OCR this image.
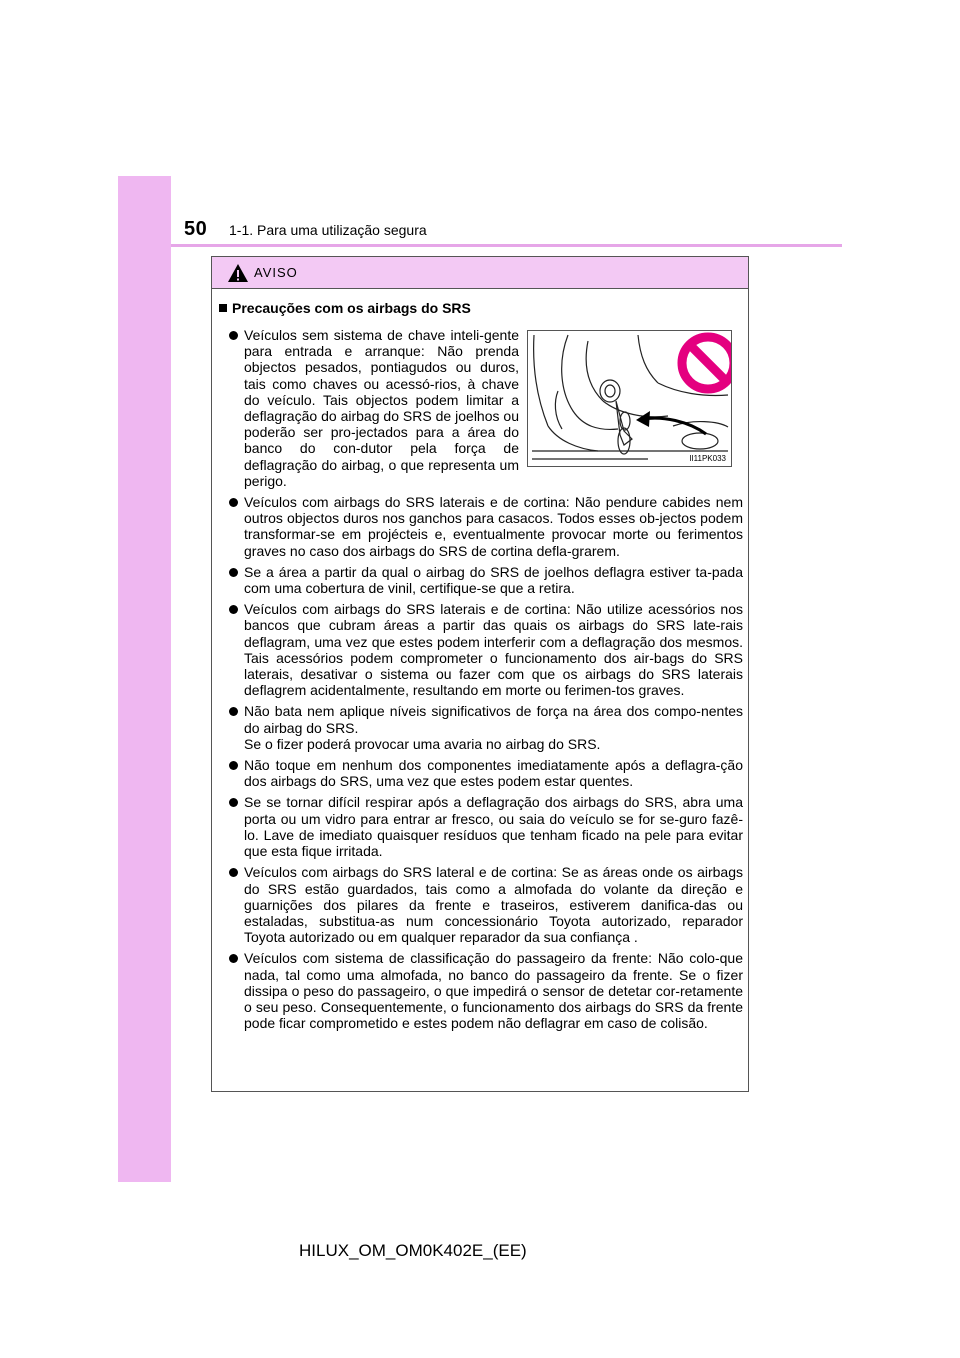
50 1-1. Para uma utilização segura
AVISO
Precauções com os airbags do SRS
II11PK033
Veículos sem sistema de chave inteli-gente para entrada e arranque: Não prenda objectos pesados, pontiagudos ou duros, tais como chaves ou acessó-rios, à chave do veículo. Tais objectos podem limitar a deflagração do airbag do SRS de joelhos ou poderão ser pro-jectados para a área do banco do con-dutor pela força de deflagração do airbag, o que representa um perigo.
Veículos com airbags do SRS laterais e de cortina: Não pendure cabides nem outros objectos duros nos ganchos para casacos. Todos esses ob-jectos podem transformar-se em projécteis e, eventualmente provocar morte ou ferimentos graves no caso dos airbags do SRS de cortina defla-grarem.
Se a área a partir da qual o airbag do SRS de joelhos deflagra estiver ta-pada com uma cobertura de vinil, certifique-se que a retira.
Veículos com airbags do SRS laterais e de cortina: Não utilize acessórios nos bancos que cubram áreas a partir das quais os airbags do SRS late-rais deflagram, uma vez que estes podem interferir com a deflagração dos mesmos. Tais acessórios podem comprometer o funcionamento dos air-bags do SRS laterais, desativar o sistema ou fazer com que os airbags do SRS laterais deflagrem acidentalmente, resultando em morte ou ferimen-tos graves.
Não bata nem aplique níveis significativos de força na área dos compo-nentes do airbag do SRS.
Se o fizer poderá provocar uma avaria no airbag do SRS.
Não toque em nenhum dos componentes imediatamente após a deflagra-ção dos airbags do SRS, uma vez que estes podem estar quentes.
Se se tornar difícil respirar após a deflagração dos airbags do SRS, abra uma porta ou um vidro para entrar ar fresco, ou saia do veículo se for se-guro fazê-lo. Lave de imediato quaisquer resíduos que tenham ficado na pele para evitar que esta fique irritada.
Veículos com airbags do SRS lateral e de cortina: Se as áreas onde os airbags do SRS estão guardados, tais como a almofada do volante da direção e guarnições dos pilares da frente e traseiros, estiverem danifica-das ou estaladas, substitua-as num concessionário Toyota autorizado, reparador Toyota autorizado ou em qualquer reparador da sua confiança .
Veículos com sistema de classificação do passageiro da frente: Não colo-que nada, tal como uma almofada, no banco do passageiro da frente. Se o fizer dissipa o peso do passageiro, o que impedirá o sensor de detetar cor-retamente o seu peso. Consequentemente, o funcionamento dos airbags do SRS da frente pode ficar comprometido e estes podem não deflagrar em caso de colisão.
HILUX_OM_OM0K402E_(EE)
